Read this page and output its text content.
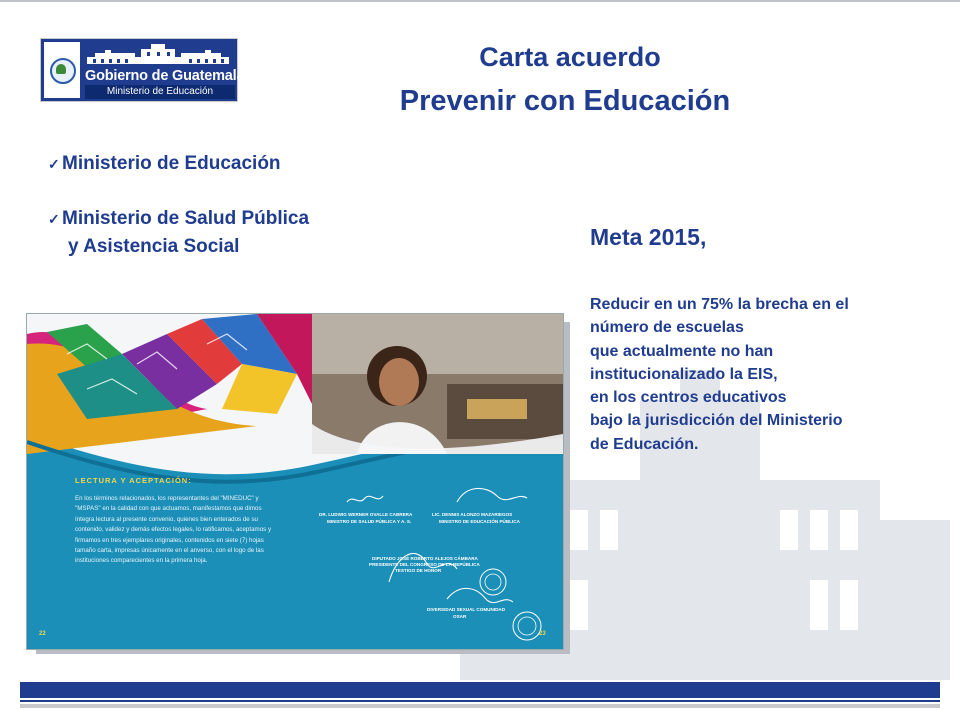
Gobierno de Guatemala
Ministerio de Educación
Carta acuerdo
Prevenir con Educación
✓ Ministerio de Educación
✓ Ministerio de Salud Pública
y Asistencia Social	Meta 2015,
Reducir en un 75% la brecha en el
número de escuelas
que actualmente no han
institucionalizado la EIS,
en los centros educativos
bajo la jurisdicción del Ministerio
de Educación.
LECTURA Y ACEPTACIÓN:
En los términos relacionados, los representantes del "MINEDUC" y "MSPAS" en la calidad con que actuamos, manifestamos que dimos íntegra lectura al presente convenio, quienes bien enterados de su contenido, validez y demás efectos legales, lo ratificamos, aceptamos y firmamos en tres ejemplares originales, contenidos en siete (7) hojas tamaño carta, impresas únicamente en el anverso, con el logo de las instituciones comparecientes en la primera hoja.
DR. LUDWIG WERNER OVALLE CABRERA
MINISTRO DE SALUD PÚBLICA Y A. S.
LIC. DENNIS ALONZO MAZARIEGOS
MINISTRO DE EDUCACIÓN PÚBLICA
DIPUTADO JOSÉ ROBERTO ALEJOS CÁMBARA
PRESIDENTE DEL CONGRESO DE LA REPÚBLICA
TESTIGO DE HONOR
DIVERSIDAD SEXUAL COMUNIDAD
OSAR
22	23
